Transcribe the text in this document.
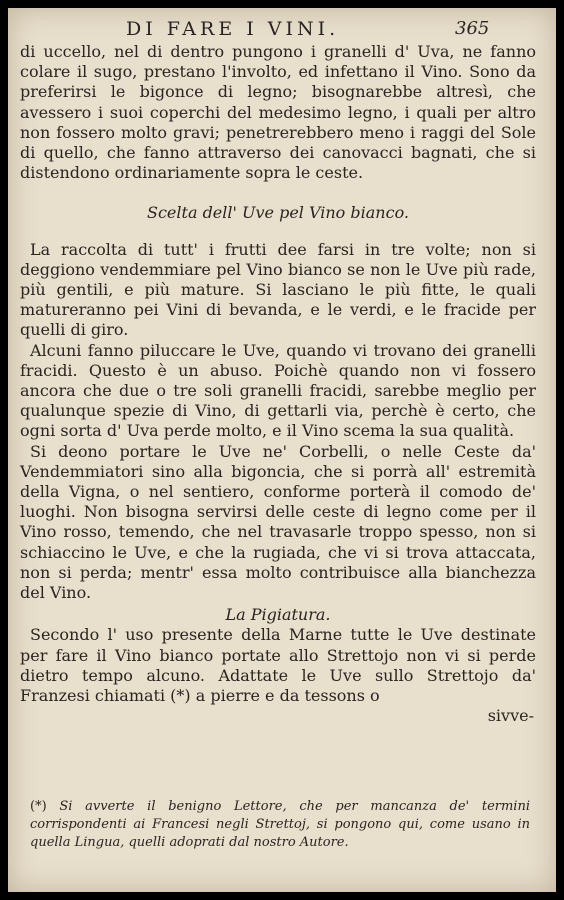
DI FARE I VINI.	365

di uccello, nel di dentro pungono i granelli d' Uva, ne fanno colare il sugo, prestano l'involto, ed infettano il Vino. Sono da preferirsi le bigonce di legno; bisognarebbe altresì, che avessero i suoi coperchi del medesimo legno, i quali per altro non fossero molto gravi; penetrerebbero meno i raggi del Sole di quello, che fanno attraverso dei canovacci bagnati, che si distendono ordinariamente sopra le ceste.

Scelta dell' Uve pel Vino bianco.

La raccolta di tutt' i frutti dee farsi in tre volte; non si deggiono vendemmiare pel Vino bianco se non le Uve più rade, più gentili, e più mature. Si lasciano le più fitte, le quali matureranno pei Vini di bevanda, e le verdi, e le fracide per quelli di giro.

Alcuni fanno piluccare le Uve, quando vi trovano dei granelli fracidi. Questo è un abuso. Poichè quando non vi fossero ancora che due o tre soli granelli fracidi, sarebbe meglio per qualunque spezie di Vino, di gettarli via, perchè è certo, che ogni sorta d' Uva perde molto, e il Vino scema la sua qualità.

Si deono portare le Uve ne' Corbelli, o nelle Ceste da' Vendemmiatori sino alla bigoncia, che si porrà all' estremità della Vigna, o nel sentiero, conforme porterà il comodo de' luoghi. Non bisogna servirsi delle ceste di legno come per il Vino rosso, temendo, che nel travasarle troppo spesso, non si schiaccino le Uve, e che la rugiada, che vi si trova attaccata, non si perda; mentr' essa molto contribuisce alla bianchezza del Vino.

La Pigiatura.

Secondo l' uso presente della Marne tutte le Uve destinate per fare il Vino bianco portate allo Strettojo non vi si perde dietro tempo alcuno. Adattate le Uve sullo Strettojo da' Franzesi chiamati (*) a pierre e da tessons o

sivve-
(*) Si avverte il benigno Lettore, che per mancanza de' termini corrispondenti ai Francesi negli Strettoj, si pongono qui, come usano in quella Lingua, quelli adoprati dal nostro Autore.
